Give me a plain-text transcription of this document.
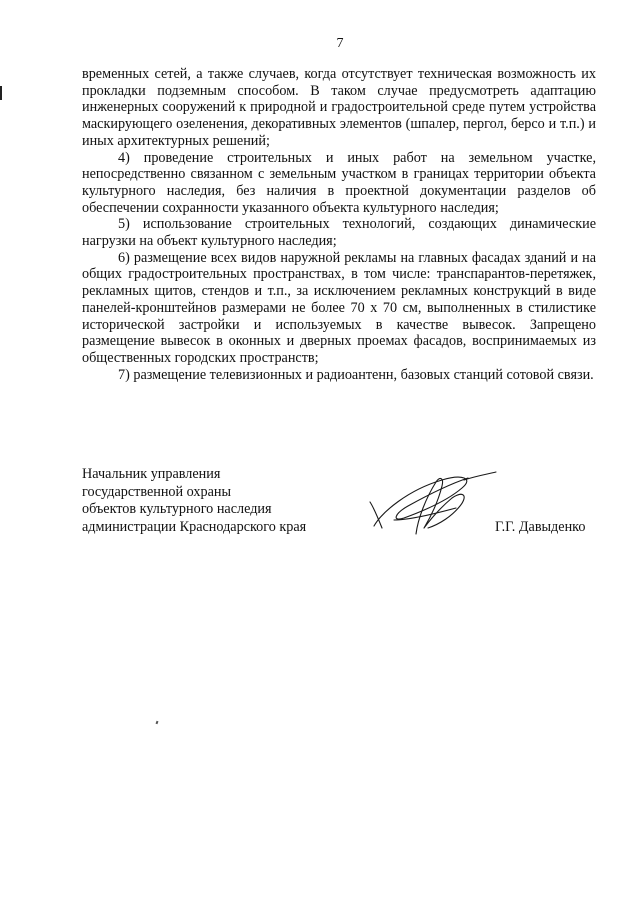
7

временных сетей, а также случаев, когда отсутствует техническая возможность их прокладки подземным способом. В таком случае предусмотреть адаптацию инженерных сооружений к природной и градостроительной среде путем устройства маскирующего озеленения, декоративных элементов (шпалер, пергол, берсо и т.п.) и иных архитектурных решений;

4) проведение строительных и иных работ на земельном участке, непосредственно связанном с земельным участком в границах территории объекта культурного наследия, без наличия в проектной документации разделов об обеспечении сохранности указанного объекта культурного наследия;

5) использование строительных технологий, создающих динамические нагрузки на объект культурного наследия;

6) размещение всех видов наружной рекламы на главных фасадах зданий и на общих градостроительных пространствах, в том числе: транспарантов-перетяжек, рекламных щитов, стендов и т.п., за исключением рекламных конструкций в виде панелей-кронштейнов размерами не более 70 х 70 см, выполненных в стилистике исторической застройки и используемых в качестве вывесок. Запрещено размещение вывесок в оконных и дверных проемах фасадов, воспринимаемых из общественных городских пространств;

7) размещение телевизионных и радиоантенн, базовых станций сотовой связи.

Начальник управления
государственной охраны
объектов культурного наследия
администрации Краснодарского края	Г.Г. Давыденко
